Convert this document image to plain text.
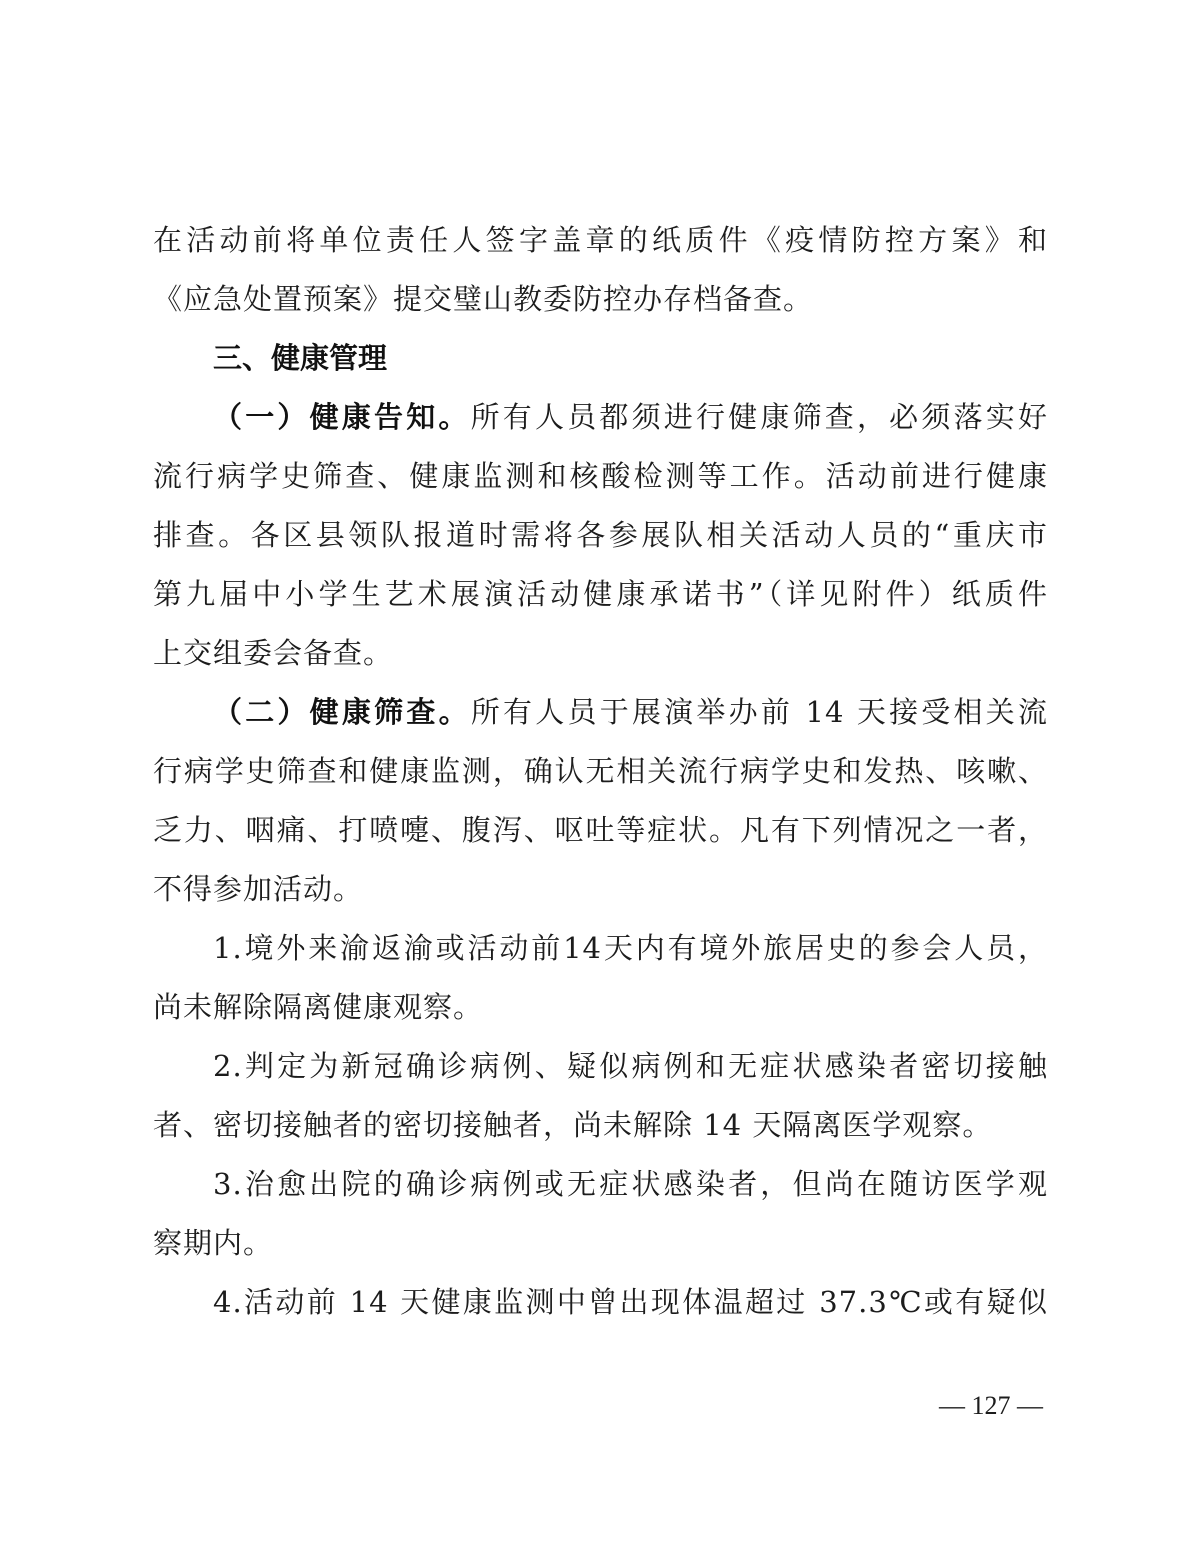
在活动前将单位责任人签字盖章的纸质件《疫情防控方案》和
《应急处置预案》提交璧山教委防控办存档备查。
三、健康管理
（一）健康告知。所有人员都须进行健康筛查，必须落实好
流行病学史筛查、健康监测和核酸检测等工作。活动前进行健康
排查。各区县领队报道时需将各参展队相关活动人员的“重庆市
第九届中小学生艺术展演活动健康承诺书”（详见附件）纸质件
上交组委会备查。
（二）健康筛查。所有人员于展演举办前 14 天接受相关流
行病学史筛查和健康监测，确认无相关流行病学史和发热、咳嗽、
乏力、咽痛、打喷嚏、腹泻、呕吐等症状。凡有下列情况之一者，
不得参加活动。
1.境外来渝返渝或活动前14天内有境外旅居史的参会人员，
尚未解除隔离健康观察。
2.判定为新冠确诊病例、疑似病例和无症状感染者密切接触
者、密切接触者的密切接触者，尚未解除 14 天隔离医学观察。
3.治愈出院的确诊病例或无症状感染者，但尚在随访医学观
察期内。
4.活动前 14 天健康监测中曾出现体温超过 37.3℃或有疑似
— 127 —
